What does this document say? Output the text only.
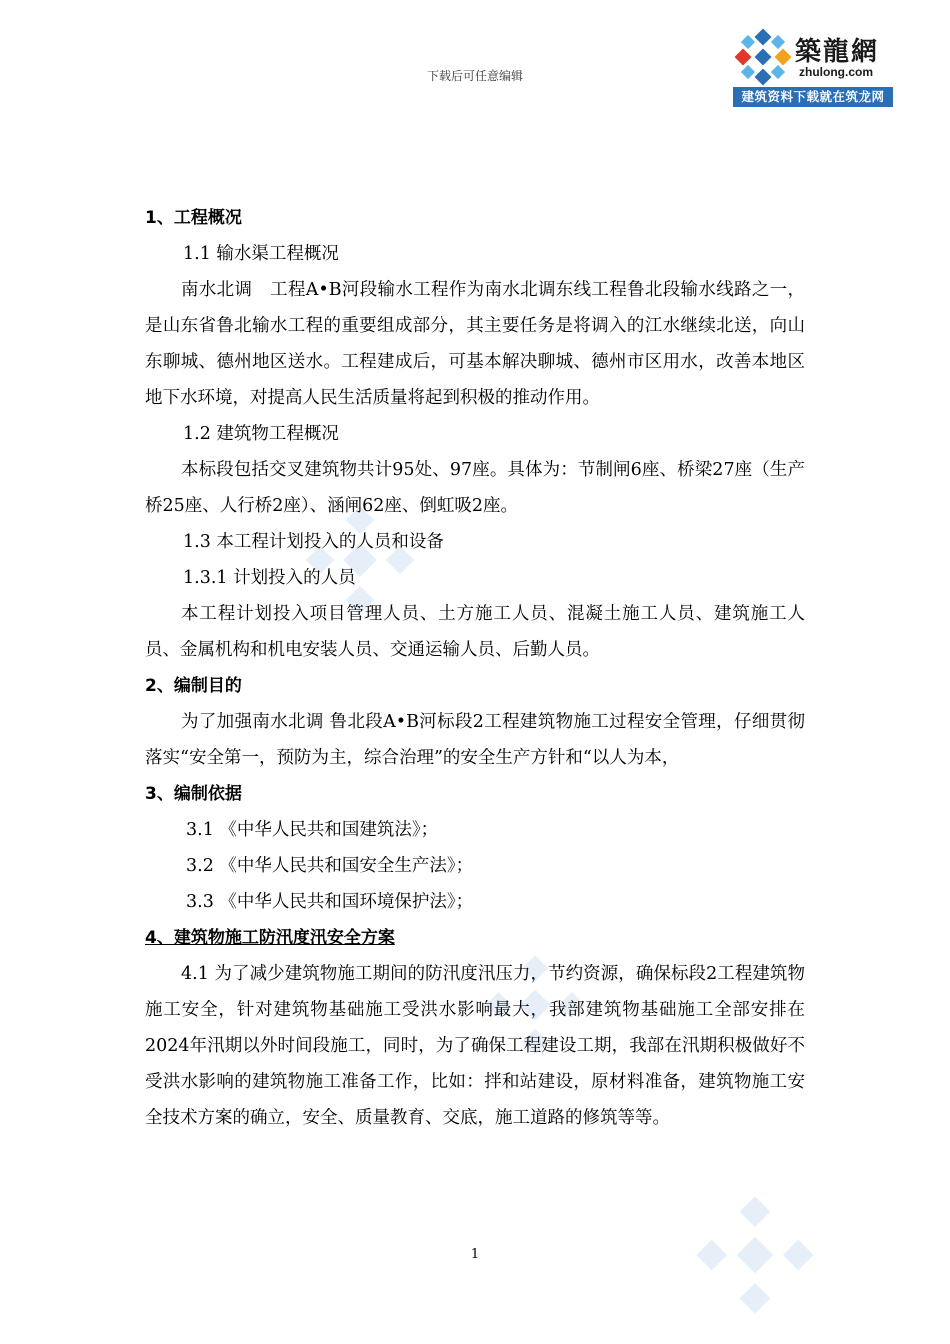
下载后可任意编辑
築龍網
zhulong.com
建筑资料下载就在筑龙网

1、工程概况

1.1 输水渠工程概况

南水北调　工程A•B河段输水工程作为南水北调东线工程鲁北段输水线路之一，是山东省鲁北输水工程的重要组成部分，其主要任务是将调入的江水继续北送，向山东聊城、德州地区送水。工程建成后，可基本解决聊城、德州市区用水，改善本地区地下水环境，对提高人民生活质量将起到积极的推动作用。

1.2 建筑物工程概况

本标段包括交叉建筑物共计95处、97座。具体为：节制闸6座、桥梁27座（生产桥25座、人行桥2座）、涵闸62座、倒虹吸2座。

1.3 本工程计划投入的人员和设备

1.3.1 计划投入的人员

本工程计划投入项目管理人员、土方施工人员、混凝土施工人员、建筑施工人员、金属机构和机电安装人员、交通运输人员、后勤人员。

2、编制目的

为了加强南水北调 鲁北段A•B河标段2工程建筑物施工过程安全管理，仔细贯彻落实“安全第一，预防为主，综合治理”的安全生产方针和“以人为本，

3、编制依据

3.1 《中华人民共和国建筑法》；

3.2 《中华人民共和国安全生产法》；

3.3 《中华人民共和国环境保护法》；

4、建筑物施工防汛度汛安全方案

4.1 为了减少建筑物施工期间的防汛度汛压力，节约资源，确保标段2工程建筑物施工安全，针对建筑物基础施工受洪水影响最大，我部建筑物基础施工全部安排在2024年汛期以外时间段施工，同时，为了确保工程建设工期，我部在汛期积极做好不受洪水影响的建筑物施工准备工作，比如：拌和站建设，原材料准备，建筑物施工安全技术方案的确立，安全、质量教育、交底，施工道路的修筑等等。

1
